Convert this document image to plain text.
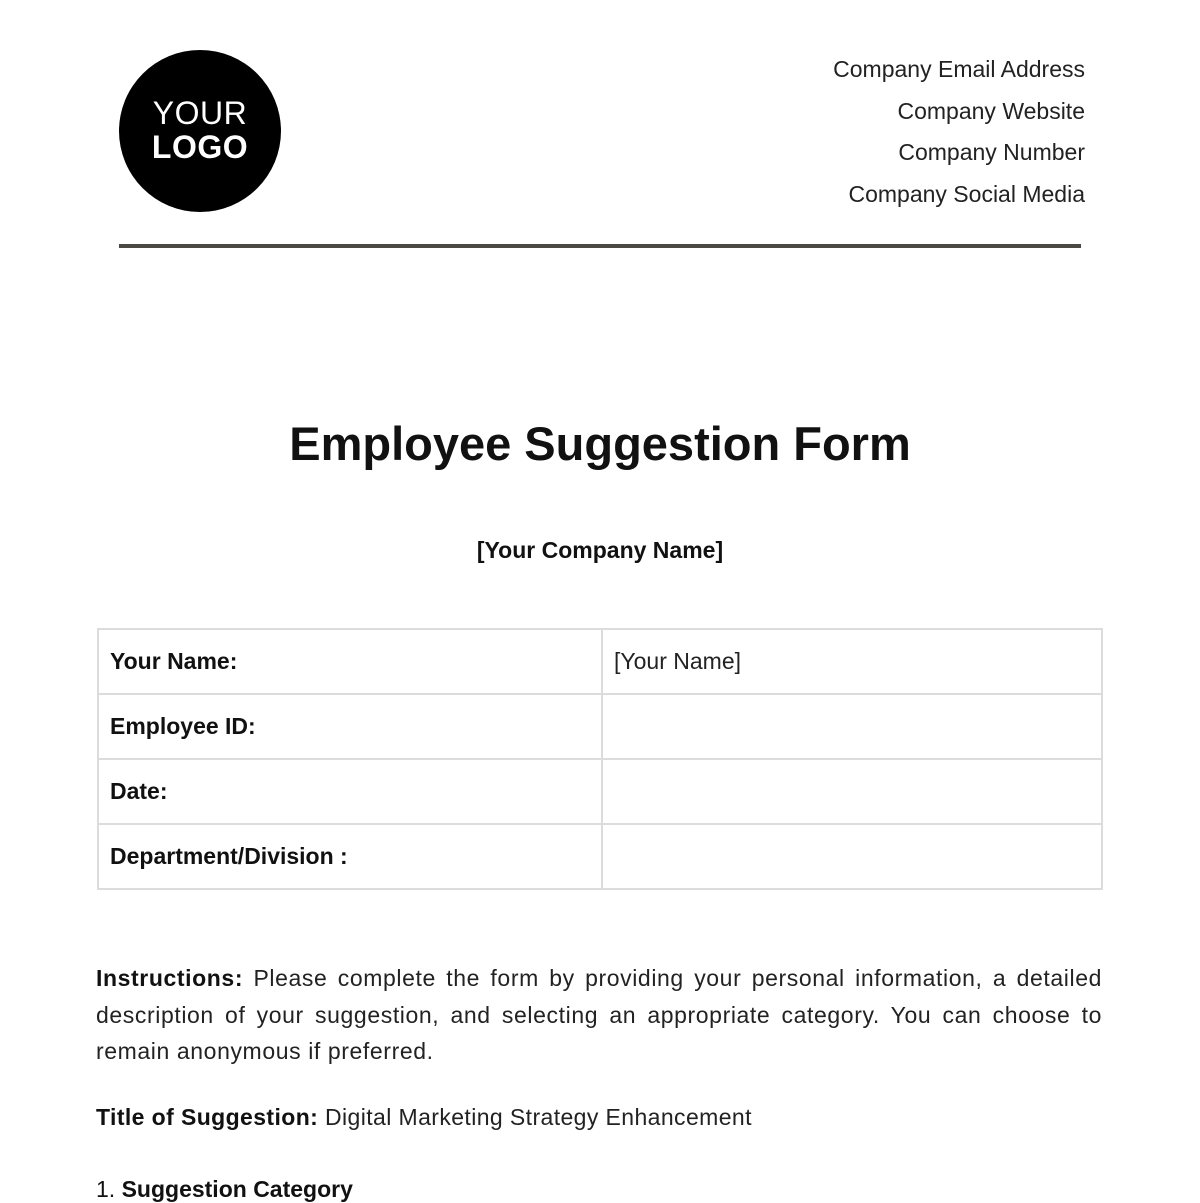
YOUR
LOGO
Company Email Address
Company Website
Company Number
Company Social Media
Employee Suggestion Form
[Your Company Name]
Your Name:	[Your Name]
Employee ID:	
Date:	
Department/Division :	
Instructions: Please complete the form by providing your personal information, a detailed description of your suggestion, and selecting an appropriate category. You can choose to remain anonymous if preferred.
Title of Suggestion: Digital Marketing Strategy Enhancement
1. Suggestion Category
